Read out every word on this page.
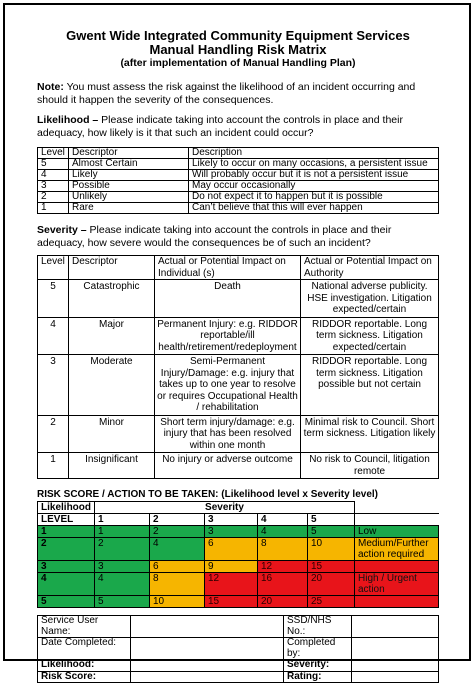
Gwent Wide Integrated Community Equipment Services
Manual Handling Risk Matrix
(after implementation of Manual Handling Plan)

Note: You must assess the risk against the likelihood of an incident occurring and should it happen the severity of the consequences.

Likelihood – Please indicate taking into account the controls in place and their adequacy, how likely is it that such an incident could occur?

Level	Descriptor	Description
5	Almost Certain	Likely to occur on many occasions, a persistent issue
4	Likely	Will probably occur but it is not a persistent issue
3	Possible	May occur occasionally
2	Unlikely	Do not expect it to happen but it is possible
1	Rare	Can’t believe that this will ever happen

Severity – Please indicate taking into account the controls in place and their adequacy, how severe would the consequences be of such an incident?

Level	Descriptor	Actual or Potential Impact on Individual (s)	Actual or Potential Impact on Authority
5	Catastrophic	Death	National adverse publicity. HSE investigation. Litigation expected/certain
4	Major	Permanent Injury: e.g. RIDDOR reportable/ill health/retirement/redeployment	RIDDOR reportable. Long term sickness. Litigation expected/certain
3	Moderate	Semi-Permanent Injury/Damage: e.g. injury that takes up to one year to resolve or requires Occupational Health / rehabilitation	RIDDOR reportable. Long term sickness. Litigation possible but not certain
2	Minor	Short term injury/damage: e.g. injury that has been resolved within one month	Minimal risk to Council. Short term sickness. Litigation likely
1	Insignificant	No injury or adverse outcome	No risk to Council, litigation remote
RISK SCORE / ACTION TO BE TAKEN: (Likelihood level x Severity level)
Likelihood	Severity					
LEVEL	1	2	3	4	5	
1	1	2	3	4	5	Low
2	2	4	6	8	10	Medium/Further action required
3	3	6	9	12	15	
4	4	8	12	16	20	High / Urgent action
5	5	10	15	20	25	
Service User Name:		SSD/NHS No.:	
Date Completed:		Completed by:	
Likelihood:		Severity:	
Risk Score:		Rating:	
